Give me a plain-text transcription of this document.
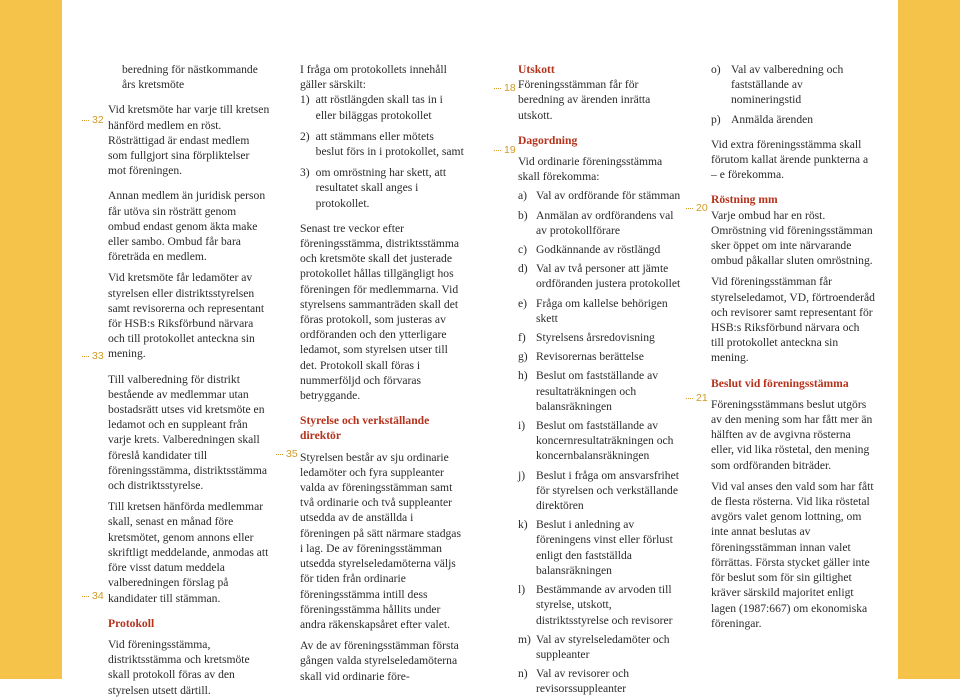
32
33
34
35
18
19
20
21

beredning för nästkommande års kretsmöte

Vid kretsmöte har varje till kretsen hänförd medlem en röst. Rösträttigad är endast medlem som fullgjort sina förpliktelser mot föreningen.

Annan medlem än juridisk person får utöva sin rösträtt genom ombud endast genom äkta make eller sambo. Ombud får bara företräda en medlem.

Vid kretsmöte får ledamöter av styrelsen eller distriktsstyrelsen samt revisorerna och representant för HSB:s Riksförbund närvara och till protokollet anteckna sin mening.

Till valberedning för distrikt bestående av medlemmar utan bostadsrätt utses vid kretsmöte en ledamot och en suppleant från varje krets. Valberedningen skall föreslå kandidater till föreningsstämma, distriktsstämma och distriktsstyrelse.

Till kretsen hänförda medlemmar skall, senast en månad före kretsmötet, genom annons eller skriftligt meddelande, anmodas att före visst datum meddela valberedningen förslag på kandidater till stämman.

Protokoll

Vid föreningsstämma, distriktsstämma och kretsmöte skall protokoll föras av den styrelsen utsett därtill.

I fråga om protokollets innehåll gäller särskilt:

1) att röstlängden skall tas in i eller biläggas protokollet
2) att stämmans eller mötets beslut förs in i protokollet, samt
3) om omröstning har skett, att resultatet skall anges i protokollet.

Senast tre veckor efter föreningsstämma, distriktsstämma och kretsmöte skall det justerade protokollet hållas tillgängligt hos föreningen för medlemmarna. Vid styrelsens sammanträden skall det föras protokoll, som justeras av ordföranden och den ytterligare ledamot, som styrelsen utser till det. Protokoll skall föras i nummerföljd och förvaras betryggande.

Styrelse och verkställande direktör

Styrelsen består av sju ordinarie ledamöter och fyra suppleanter valda av föreningsstämman samt två ordinarie och två suppleanter utsedda av de anställda i föreningen på sätt närmare stadgas i lag. De av föreningsstämman utsedda styrelseledamöterna väljs för tiden från ordinarie föreningsstämma intill dess föreningsstämma hållits under andra räkenskapsåret efter valet.

Av de av föreningsstämman första gången valda styrelseledamöterna skall vid ordinarie före-

Utskott

Föreningsstämman får för beredning av ärenden inrätta utskott.

Dagordning

Vid ordinarie föreningsstämma skall förekomma:

a) Val av ordförande för stämman
b) Anmälan av ordförandens val av protokollförare
c) Godkännande av röstlängd
d) Val av två personer att jämte ordföranden justera protokollet
e) Fråga om kallelse behörigen skett
f) Styrelsens årsredovisning
g) Revisorernas berättelse
h) Beslut om fastställande av resultaträkningen och balansräkningen
i) Beslut om fastställande av koncernresultaträkningen och koncernbalansräkningen
j) Beslut i fråga om ansvarsfrihet för styrelsen och verkställande direktören
k) Beslut i anledning av föreningens vinst eller förlust enligt den fastställda balansräkningen
l) Bestämmande av arvoden till styrelse, utskott, distriktsstyrelse och revisorer
m) Val av styrelseledamöter och suppleanter
n) Val av revisorer och revisorssuppleanter
o) Val av valberedning och fastställande av nomineringstid
p) Anmälda ärenden

Vid extra föreningsstämma skall förutom kallat ärende punkterna a – e förekomma.

Röstning mm

Varje ombud har en röst. Omröstning vid föreningsstämman sker öppet om inte närvarande ombud påkallar sluten omröstning.

Vid föreningsstämman får styrelseledamot, VD, förtroenderåd och revisorer samt representant för HSB:s Riksförbund närvara och till protokollet anteckna sin mening.

Beslut vid föreningsstämma

Föreningsstämmans beslut utgörs av den mening som har fått mer än hälften av de avgivna rösterna eller, vid lika röstetal, den mening som ordföranden biträder.

Vid val anses den vald som har fått de flesta rösterna. Vid lika röstetal avgörs valet genom lottning, om inte annat beslutas av föreningsstämman innan valet förrättas. Första stycket gäller inte för beslut som för sin giltighet kräver särskild majoritet enligt lagen (1987:667) om ekonomiska föreningar.
